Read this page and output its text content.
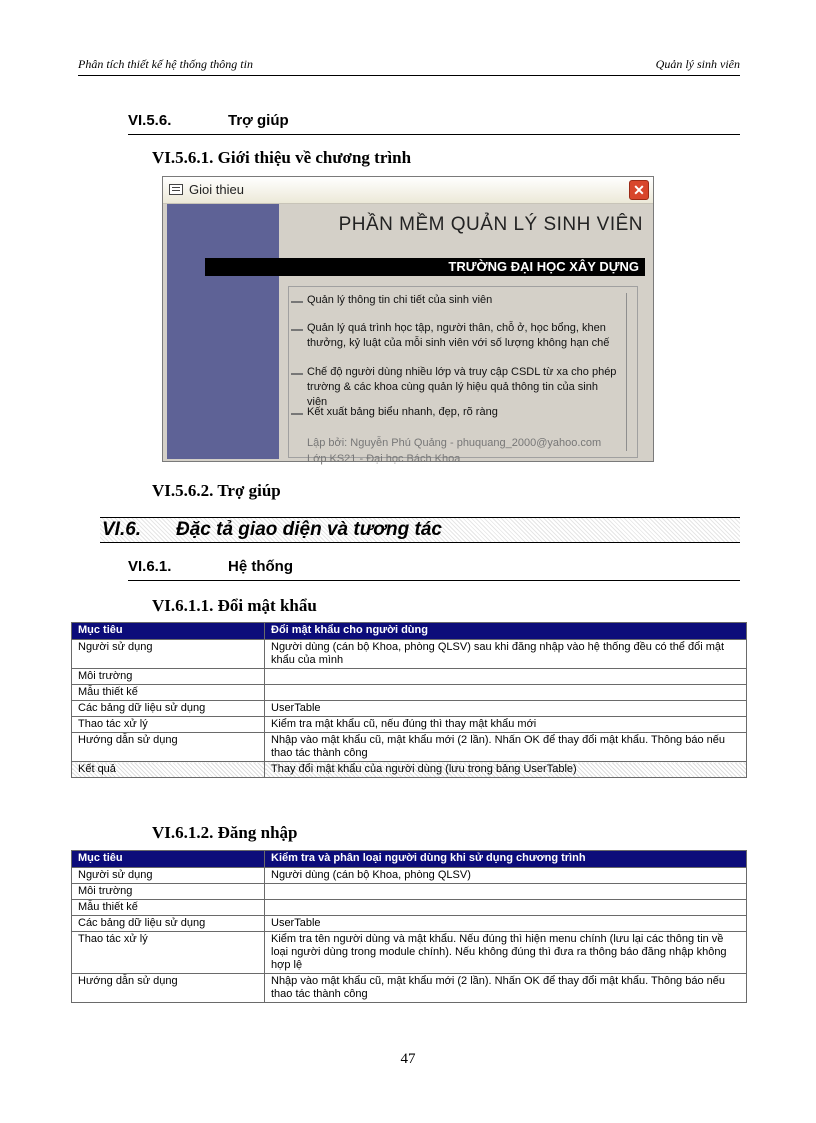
Phân tích thiết kế hệ thống thông tin	Quản lý sinh viên
VI.5.6.	Trợ giúp
VI.5.6.1. Giới thiệu về chương trình
Gioi thieu	✕
PHẦN MỀM QUẢN LÝ SINH VIÊN
TRƯỜNG ĐẠI HỌC XÂY DỰNG
Quản lý thông tin chi tiết của sinh viên
Quản lý quá trình học tập, người thân, chỗ ở, học bổng, khen thưởng, kỷ luật của mỗi sinh viên với số lượng không hạn chế
Chế độ người dùng nhiều lớp và truy cập CSDL từ xa cho phép trường & các khoa cùng quản lý hiệu quả thông tin của sinh viên
Kết xuất bảng biểu nhanh, đẹp, rõ ràng
Lập bởi: Nguyễn Phú Quảng - phuquang_2000@yahoo.com
Lớp KS21 - Đại học Bách Khoa
VI.5.6.2. Trợ giúp
VI.6. Đặc tả giao diện và tương tác
VI.6.1.	Hệ thống
VI.6.1.1. Đổi mật khẩu
Mục tiêu	Đổi mật khẩu cho người dùng
Người sử dụng	Người dùng (cán bộ Khoa, phòng QLSV) sau khi đăng nhập vào hệ thống đều có thể đổi mật khẩu của mình
Môi trường	
Mẫu thiết kế	
Các bảng dữ liệu sử dụng	UserTable
Thao tác xử lý	Kiểm tra mật khẩu cũ, nếu đúng thì thay mật khẩu mới
Hướng dẫn sử dụng	Nhập vào mật khẩu cũ, mật khẩu mới (2 lần). Nhấn OK để thay đổi mật khẩu. Thông báo nếu thao tác thành công
Kết quả	Thay đổi mật khẩu của người dùng (lưu trong bảng UserTable)
VI.6.1.2. Đăng nhập
Mục tiêu	Kiểm tra và phân loại người dùng khi sử dụng chương trình
Người sử dụng	Người dùng (cán bộ Khoa, phòng QLSV)
Môi trường	
Mẫu thiết kế	
Các bảng dữ liệu sử dụng	UserTable
Thao tác xử lý	Kiểm tra tên người dùng và mật khẩu. Nếu đúng thì hiện menu chính (lưu lại các thông tin về loại người dùng trong module chính). Nếu không đúng thì đưa ra thông báo đăng nhập không hợp lệ
Hướng dẫn sử dụng	Nhập vào mật khẩu cũ, mật khẩu mới (2 lần). Nhấn OK để thay đổi mật khẩu. Thông báo nếu thao tác thành công
47
